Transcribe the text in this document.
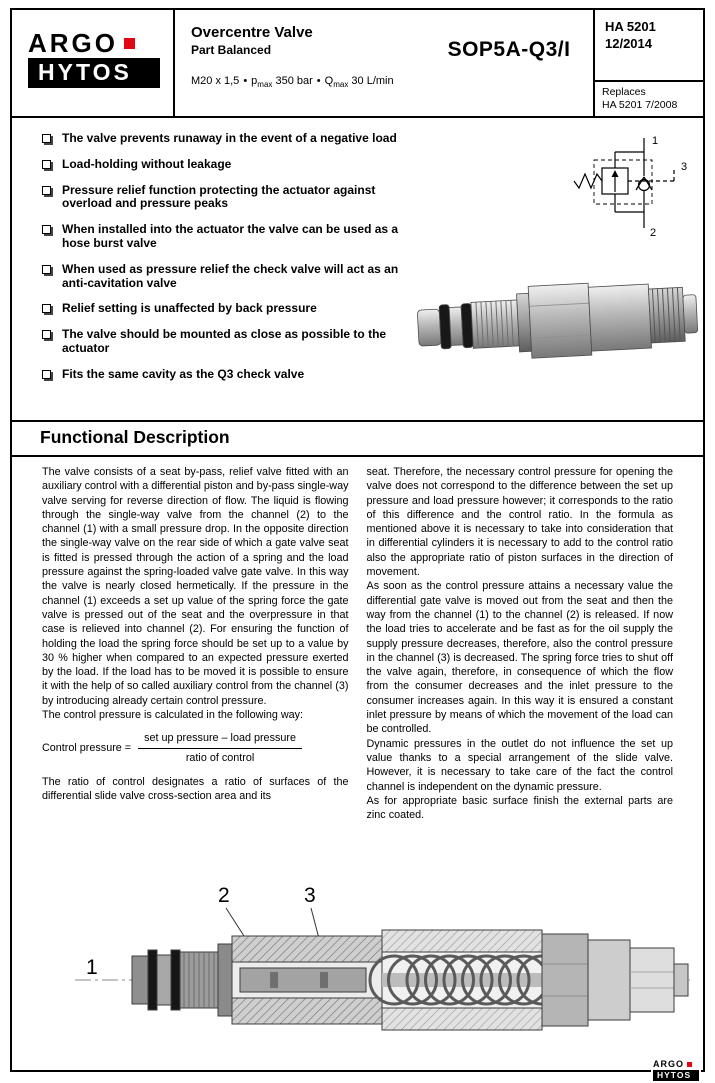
ARGO
HYTOS
Overcentre Valve
Part Balanced
M20 x 1,5 • $p_{max}$ 350 bar • $Q_{max}$ 30 L/min
SOP5A-Q3/I
HA 5201
12/2014
Replaces
HA 5201 7/2008
The valve prevents runaway in the event of a negative load
Load-holding without leakage
Pressure relief function protecting the actuator against overload and pressure peaks
When installed into the actuator the valve can be used as a hose burst valve
When used as pressure relief the check valve will act as an anti-cavitation valve
Relief setting is unaffected by back pressure
The valve should be mounted as close as possible to the actuator
Fits the same cavity as the Q3 check valve
1
2
3
Functional Description

The valve consists of a seat by-pass, relief valve fitted with an auxiliary control with a differential piston and by-pass single-way valve serving for reverse direction of flow. The liquid is flowing through the single-way valve from the channel (2) to the channel (1) with a small pressure drop. In the opposite direction the single-way valve on the rear side of which a gate valve seat is fitted is pressed through the action of a spring and the load pressure against the spring-loaded valve gate valve. In this way the valve is nearly closed hermetically. If the pressure in the channel (1) exceeds a set up value of the spring force the gate valve is pressed out of the seat and the overpressure in that case is relieved into channel (2). For ensuring the function of holding the load the spring force should be set up to a value by 30 % higher when compared to an expected pressure exerted by the load. If the load has to be moved it is possible to ensure it with the help of so called auxiliary control from the channel (3) by introducing already certain control pressure.

The control pressure is calculated in the following way:

Control pressure = $\frac{\text{set up pressure – load pressure}}{\text{ratio of control}}$

The ratio of control designates a ratio of surfaces of the differential slide valve cross-section area and its

seat. Therefore, the necessary control pressure for opening the valve does not correspond to the difference between the set up pressure and load pressure however; it corresponds to the ratio of this difference and the control ratio. In the formula as mentioned above it is necessary to take into consideration that in differential cylinders it is necessary to add to the control ratio also the appropriate ratio of piston surfaces in the direction of movement.

As soon as the control pressure attains a necessary value the differential gate valve is moved out from the seat and then the way from the channel (1) to the channel (2) is released. If now the load tries to accelerate and be fast as for the oil supply the supply pressure decreases, therefore, also the control pressure in the channel (3) is decreased. The spring force tries to shut off the valve again, therefore, in consequence of which the flow from the consumer decreases and the inlet pressure to the consumer increases again. In this way it is ensured a constant inlet pressure by means of which the movement of the load can be controlled.

Dynamic pressures in the outlet do not influence the set up value thanks to a special arrangement of the slide valve. However, it is necessary to take care of the fact the control channel is independent on the dynamic pressure.

As for appropriate basic surface finish the external parts are zinc coated.

2	3
1
ARGO
HYTOS
